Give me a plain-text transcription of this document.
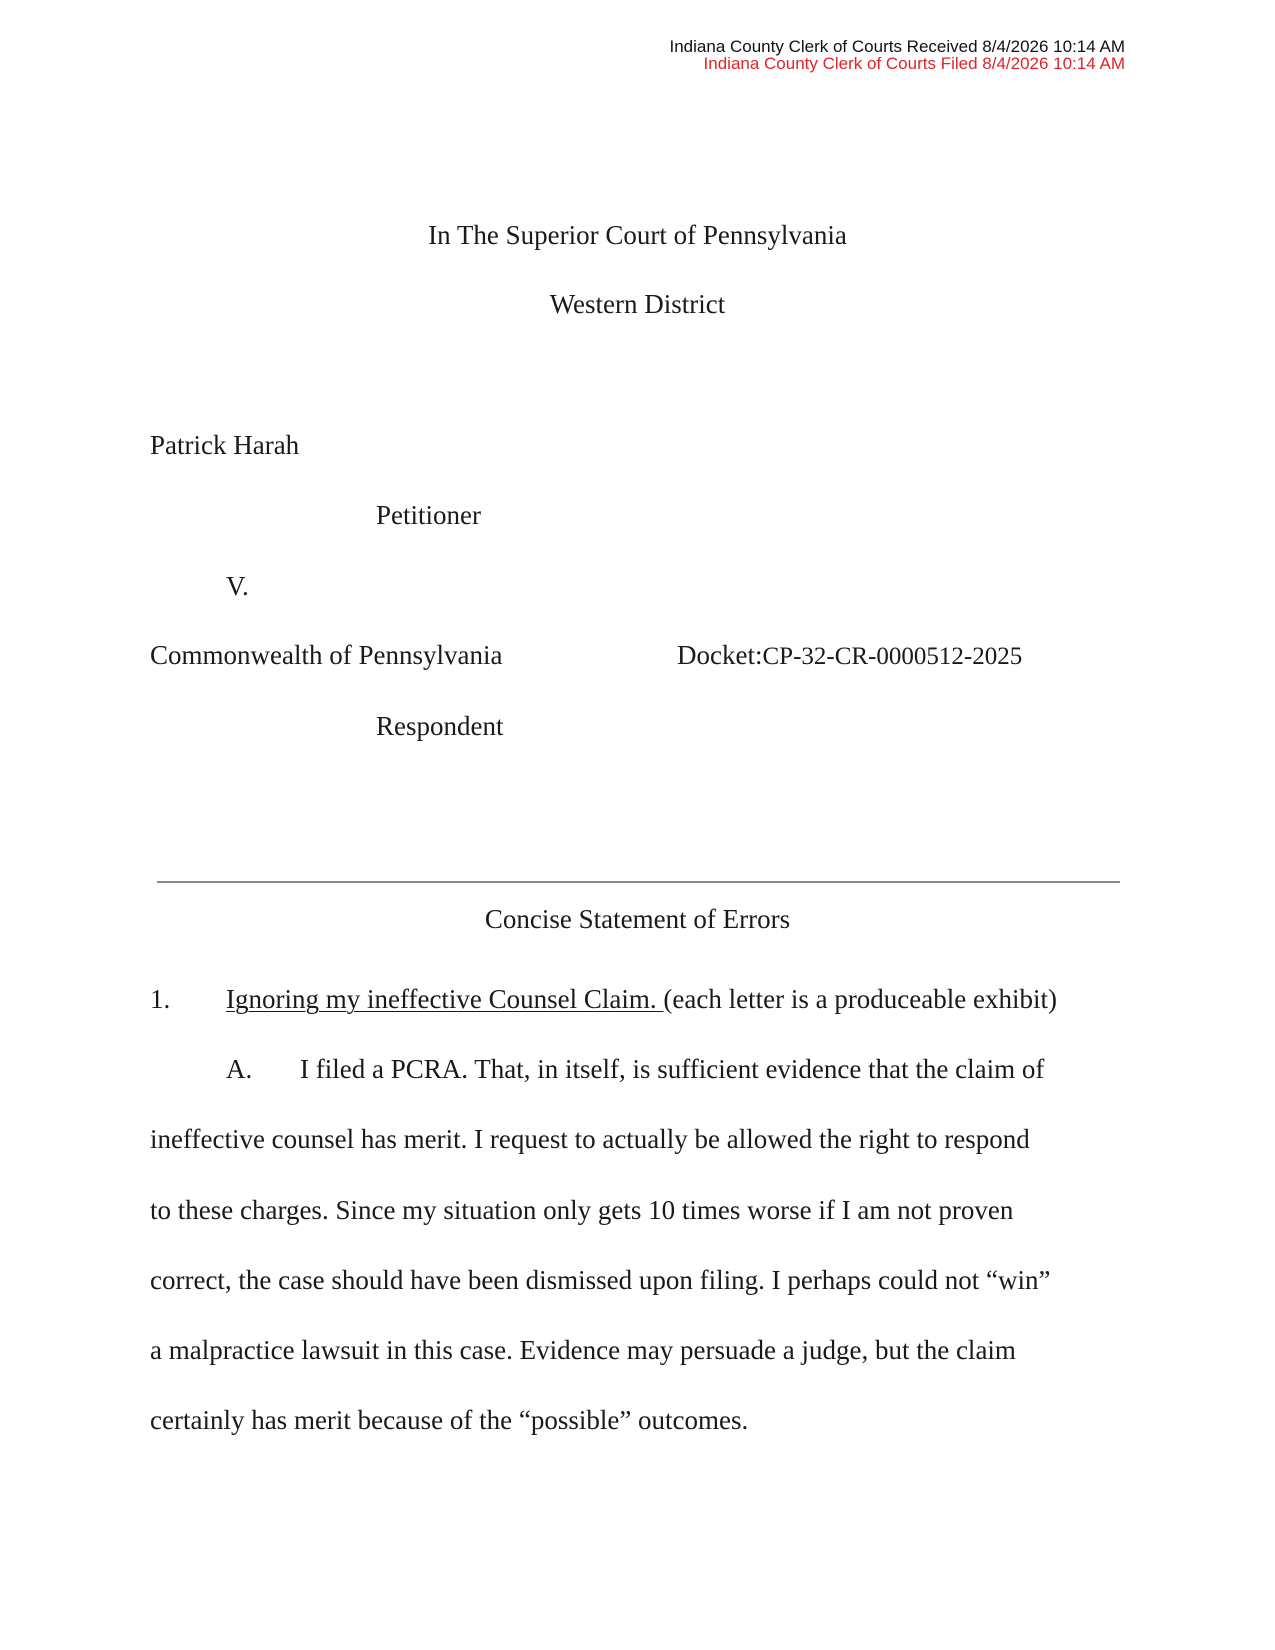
Indiana County Clerk of Courts Received 8/4/2026 10:14 AM
Indiana County Clerk of Courts Filed 8/4/2026 10:14 AM
In The Superior Court of Pennsylvania
Western District
Patrick Harah
Petitioner
V.
Commonwealth of Pennsylvania	Docket:CP-32-CR-0000512-2025
Respondent
Concise Statement of Errors
1. Ignoring my ineffective Counsel Claim. (each letter is a produceable exhibit)
A. I filed a PCRA. That, in itself, is sufficient evidence that the claim of
ineffective counsel has merit. I request to actually be allowed the right to respond
to these charges. Since my situation only gets 10 times worse if I am not proven
correct, the case should have been dismissed upon filing. I perhaps could not “win”
a malpractice lawsuit in this case. Evidence may persuade a judge, but the claim
certainly has merit because of the “possible” outcomes.
